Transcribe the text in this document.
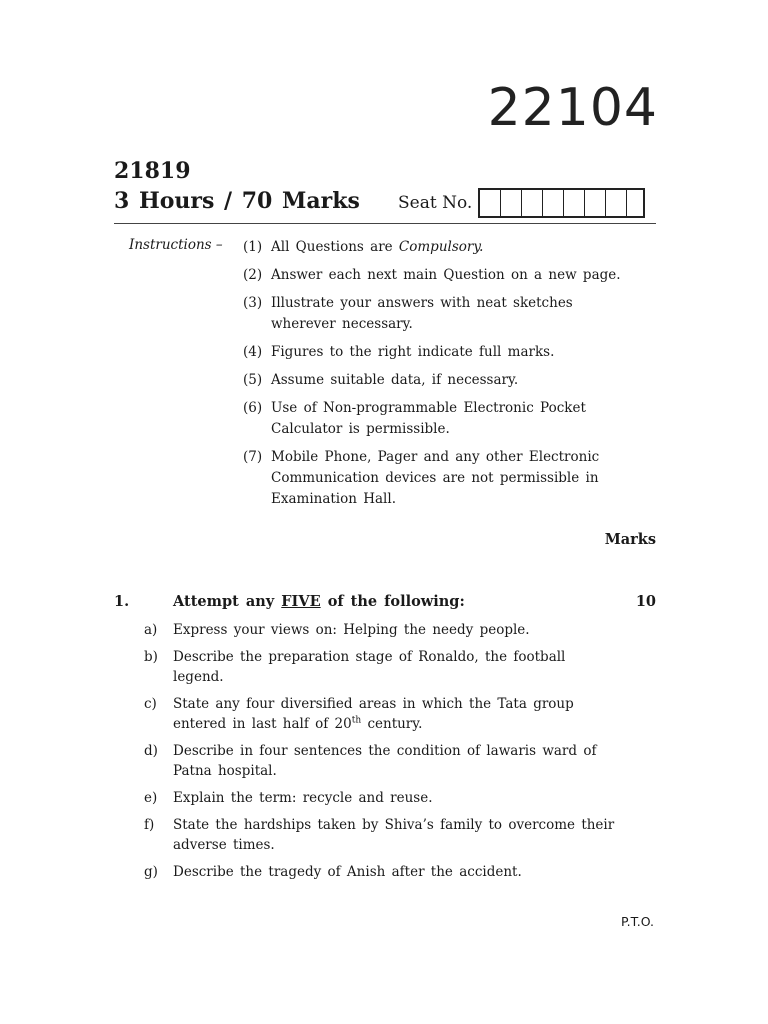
22104
21819
3 Hours / 70 Marks Seat No.
Instructions – (1) All Questions are Compulsory.
(2) Answer each next main Question on a new page.
(3) Illustrate your answers with neat sketches wherever necessary.
(4) Figures to the right indicate full marks.
(5) Assume suitable data, if necessary.
(6) Use of Non-programmable Electronic Pocket Calculator is permissible.
(7) Mobile Phone, Pager and any other Electronic Communication devices are not permissible in Examination Hall.
Marks
1.	Attempt any FIVE of the following:	10
a)	Express your views on: Helping the needy people.
b)	Describe the preparation stage of Ronaldo, the football legend.
c)	State any four diversified areas in which the Tata group entered in last half of 20th century.
d)	Describe in four sentences the condition of lawaris ward of Patna hospital.
e)	Explain the term: recycle and reuse.
f)	State the hardships taken by Shiva’s family to overcome their adverse times.
g)	Describe the tragedy of Anish after the accident.
P.T.O.
